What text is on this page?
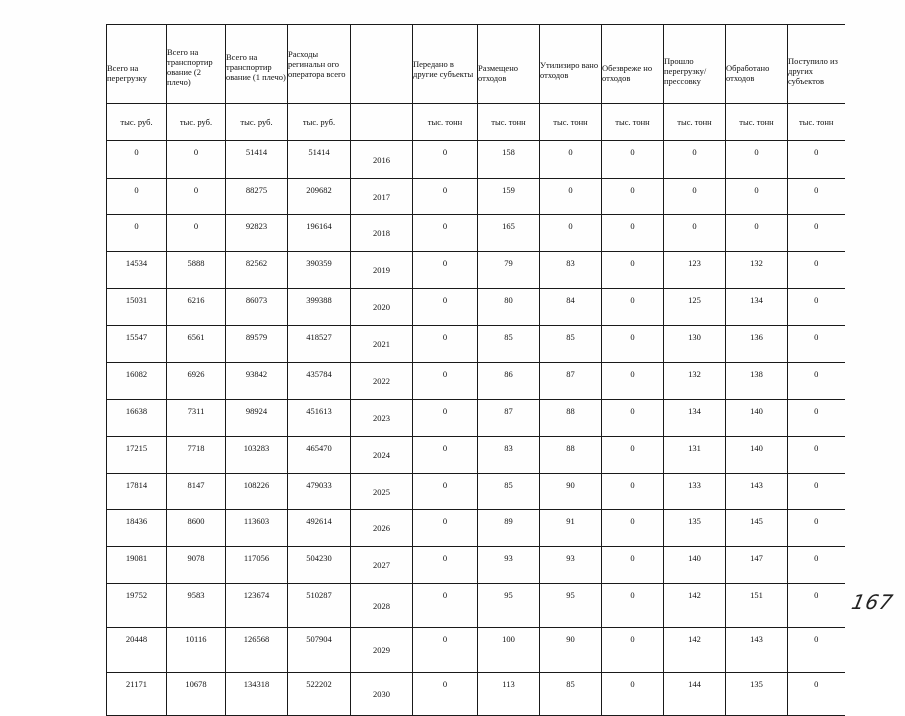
Всего на перегрузку	Всего на транспортир ование (2 плечо)	Всего на транспортир ование (1 плечо)	Расходы регинальн ого оператора всего		Передано в другие субъекты	Размещено отходов	Утилизиро вано отходов	Обезвреже но отходов	Прошло перегрузку/ прессовку	Обработано отходов	Поступило из других субъектов
тыс. руб.	тыс. руб.	тыс. руб.	тыс. руб.		тыс. тонн	тыс. тонн	тыс. тонн	тыс. тонн	тыс. тонн	тыс. тонн	тыс. тонн
0	0	51414	51414	2016	0	158	0	0	0	0	0
0	0	88275	209682	2017	0	159	0	0	0	0	0
0	0	92823	196164	2018	0	165	0	0	0	0	0
14534	5888	82562	390359	2019	0	79	83	0	123	132	0
15031	6216	86073	399388	2020	0	80	84	0	125	134	0
15547	6561	89579	418527	2021	0	85	85	0	130	136	0
16082	6926	93842	435784	2022	0	86	87	0	132	138	0
16638	7311	98924	451613	2023	0	87	88	0	134	140	0
17215	7718	103283	465470	2024	0	83	88	0	131	140	0
17814	8147	108226	479033	2025	0	85	90	0	133	143	0
18436	8600	113603	492614	2026	0	89	91	0	135	145	0
19081	9078	117056	504230	2027	0	93	93	0	140	147	0
19752	9583	123674	510287	2028	0	95	95	0	142	151	0
20448	10116	126568	507904	2029	0	100	90	0	142	143	0
21171	10678	134318	522202	2030	0	113	85	0	144	135	0
167
